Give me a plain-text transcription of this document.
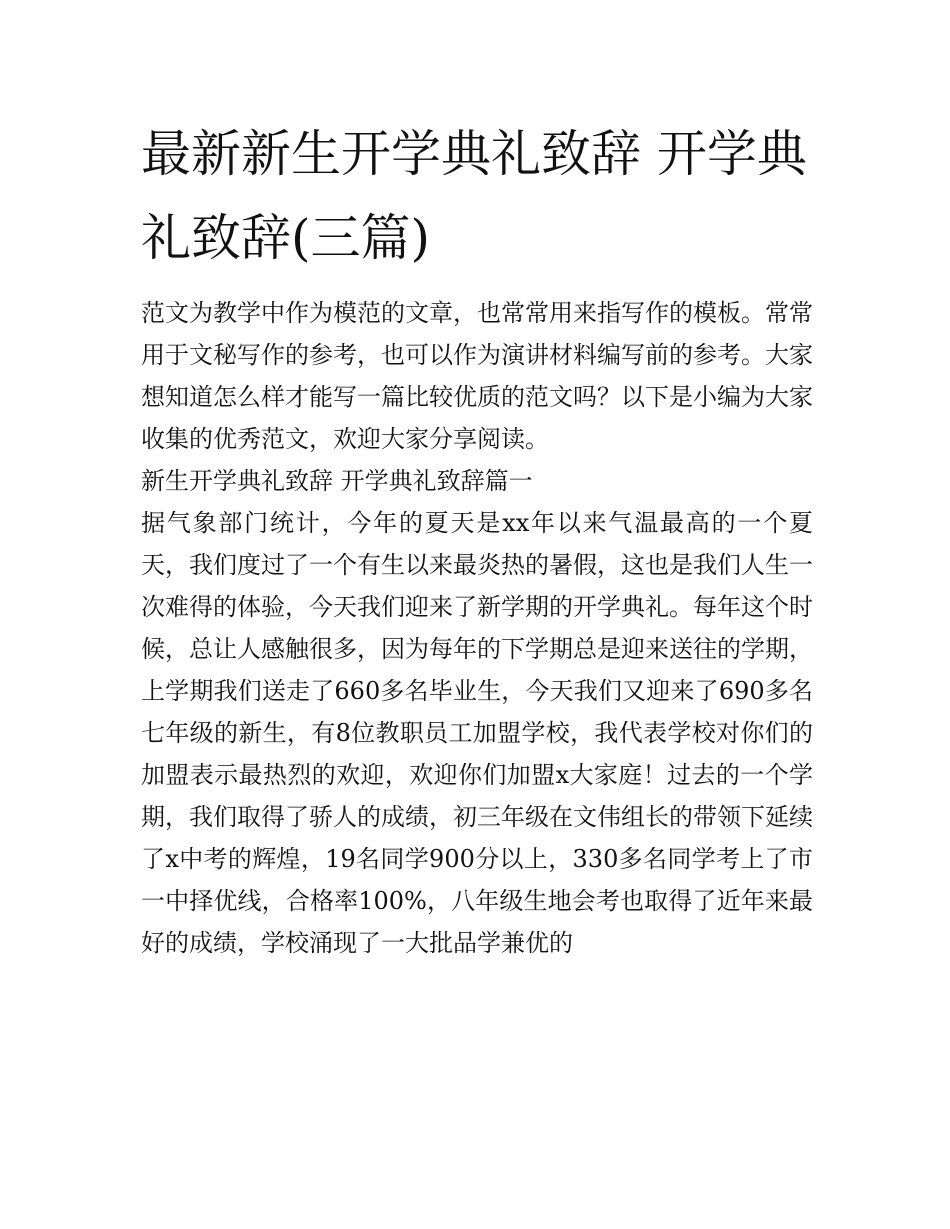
最新新生开学典礼致辞 开学典礼致辞(三篇)

范文为教学中作为模范的文章，也常常用来指写作的模板。常常用于文秘写作的参考，也可以作为演讲材料编写前的参考。大家想知道怎么样才能写一篇比较优质的范文吗？以下是小编为大家收集的优秀范文，欢迎大家分享阅读。

新生开学典礼致辞 开学典礼致辞篇一

据气象部门统计，今年的夏天是xx年以来气温最高的一个夏天，我们度过了一个有生以来最炎热的暑假，这也是我们人生一次难得的体验，今天我们迎来了新学期的开学典礼。每年这个时候，总让人感触很多，因为每年的下学期总是迎来送往的学期，上学期我们送走了660多名毕业生，今天我们又迎来了690多名七年级的新生，有8位教职员工加盟学校，我代表学校对你们的加盟表示最热烈的欢迎，欢迎你们加盟x大家庭！过去的一个学期，我们取得了骄人的成绩，初三年级在文伟组长的带领下延续了x中考的辉煌，19名同学900分以上，330多名同学考上了市一中择优线，合格率100%，八年级生地会考也取得了近年来最好的成绩，学校涌现了一大批品学兼优的
